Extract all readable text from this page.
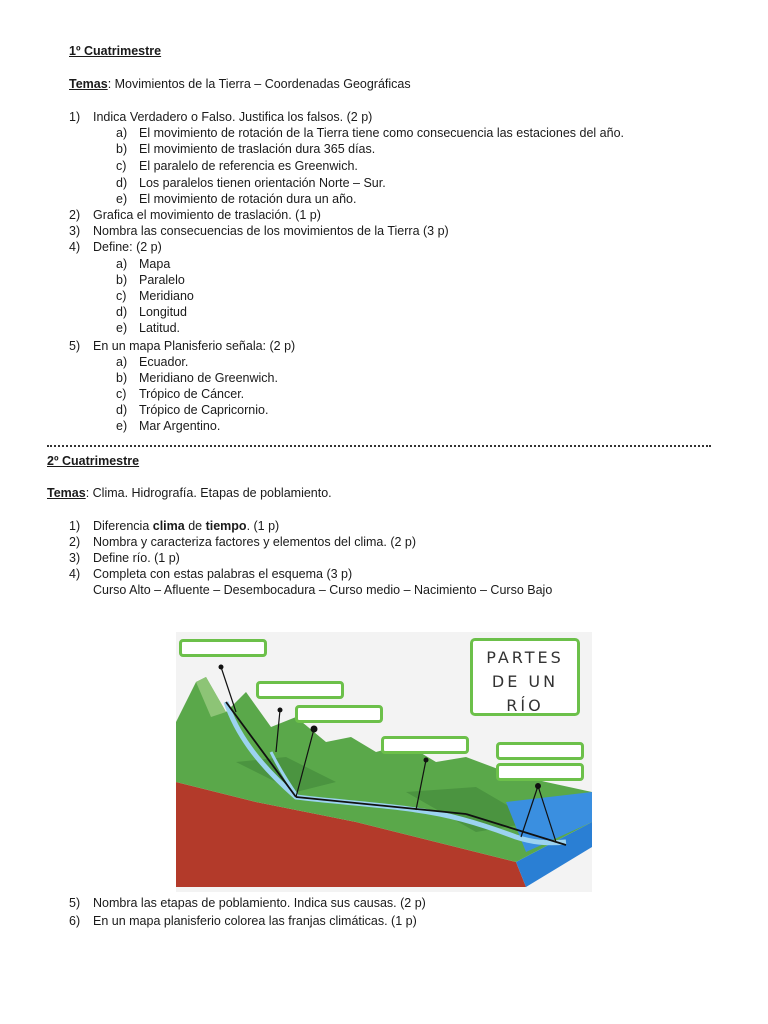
1º Cuatrimestre
Temas: Movimientos de la Tierra – Coordenadas Geográficas
1) Indica Verdadero o Falso. Justifica los falsos. (2 p)
a) El movimiento de rotación de la Tierra tiene como consecuencia las estaciones del año.
b) El movimiento de traslación dura 365 días.
c) El paralelo de referencia es Greenwich.
d) Los paralelos tienen orientación Norte – Sur.
e) El movimiento de rotación dura un año.
2) Grafica el movimiento de traslación. (1 p)
3) Nombra las consecuencias de los movimientos de la Tierra (3 p)
4) Define: (2 p)
a) Mapa
b) Paralelo
c) Meridiano
d) Longitud
e) Latitud.
5) En un mapa Planisferio señala: (2 p)
a) Ecuador.
b) Meridiano de Greenwich.
c) Trópico de Cáncer.
d) Trópico de Capricornio.
e) Mar Argentino.
2º Cuatrimestre
Temas: Clima. Hidrografía. Etapas de poblamiento.
1) Diferencia clima de tiempo. (1 p)
2) Nombra y caracteriza factores y elementos del clima. (2 p)
3) Define río. (1 p)
4) Completa con estas palabras el esquema (3 p)
Curso Alto – Afluente – Desembocadura – Curso medio – Nacimiento – Curso Bajo
PARTES
DE UN
RÍO
5) Nombra las etapas de poblamiento. Indica sus causas. (2 p)
6) En un mapa planisferio colorea las franjas climáticas. (1 p)
